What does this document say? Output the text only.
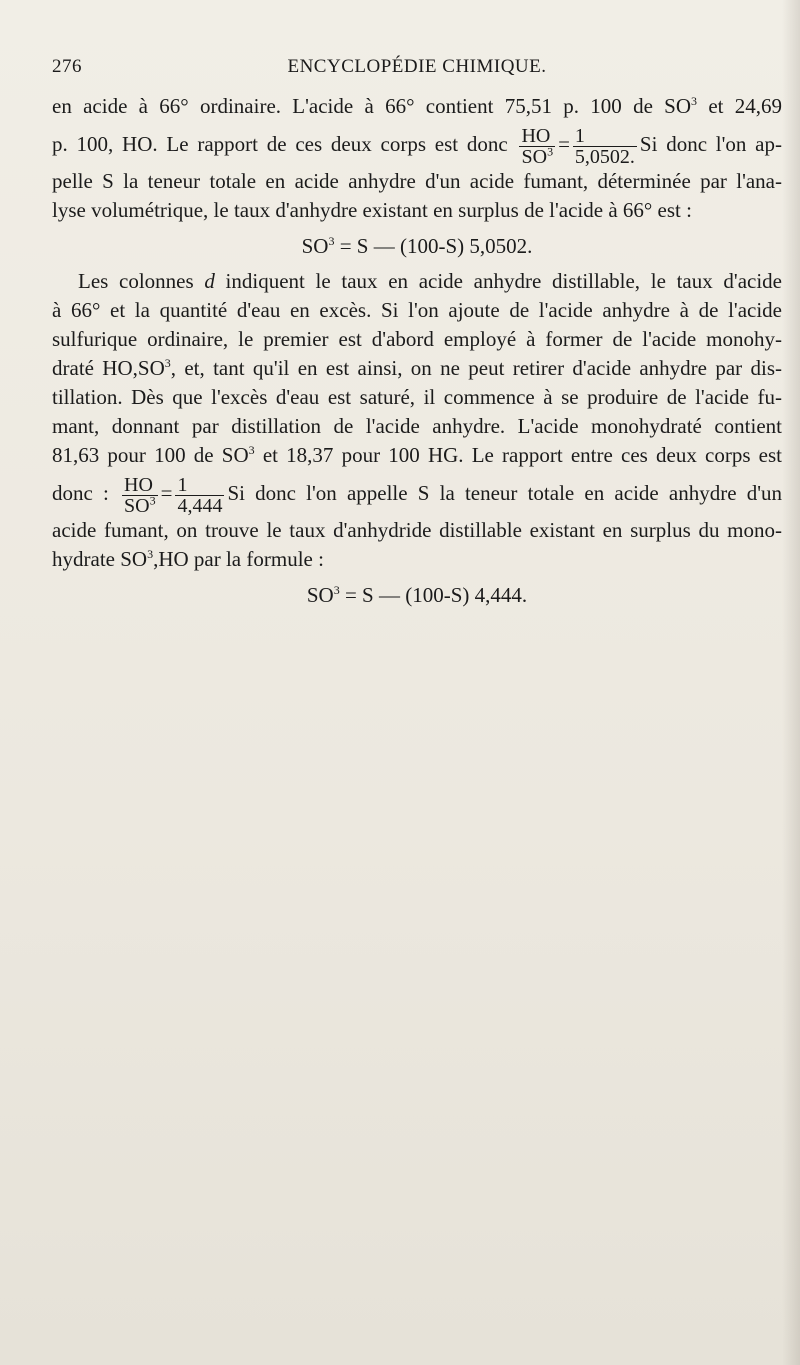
276	ENCYCLOPÉDIE CHIMIQUE.
en acide à 66° ordinaire. L'acide à 66° contient 75,51 p. 100 de $SO^3$ et 24,69
p. 100, HO. Le rapport de ces deux corps est donc $\frac{HO}{SO^3} = \frac{1}{5,0502.}$ Si donc l'on ap-
pelle S la teneur totale en acide anhydre d'un acide fumant, déterminée par l'ana-
lyse volumétrique, le taux d'anhydre existant en surplus de l'acide à 66° est :
$SO^3 = S$ — (100-S) 5,0502.
Les colonnes d indiquent le taux en acide anhydre distillable, le taux d'acide
à 66° et la quantité d'eau en excès. Si l'on ajoute de l'acide anhydre à de l'acide
sulfurique ordinaire, le premier est d'abord employé à former de l'acide monohy-
draté $HO,SO^3$, et, tant qu'il en est ainsi, on ne peut retirer d'acide anhydre par dis-
tillation. Dès que l'excès d'eau est saturé, il commence à se produire de l'acide fu-
mant, donnant par distillation de l'acide anhydre. L'acide monohydraté contient
81,63 pour 100 de $SO^3$ et 18,37 pour 100 HG. Le rapport entre ces deux corps est
donc : $\frac{HO}{SO^3} = \frac{1}{4,444}$ Si donc l'on appelle S la teneur totale en acide anhydre d'un
acide fumant, on trouve le taux d'anhydride distillable existant en surplus du mono-
hydrate $SO^3,HO$ par la formule :
$SO^3 = S$ — (100-S) 4,444.
